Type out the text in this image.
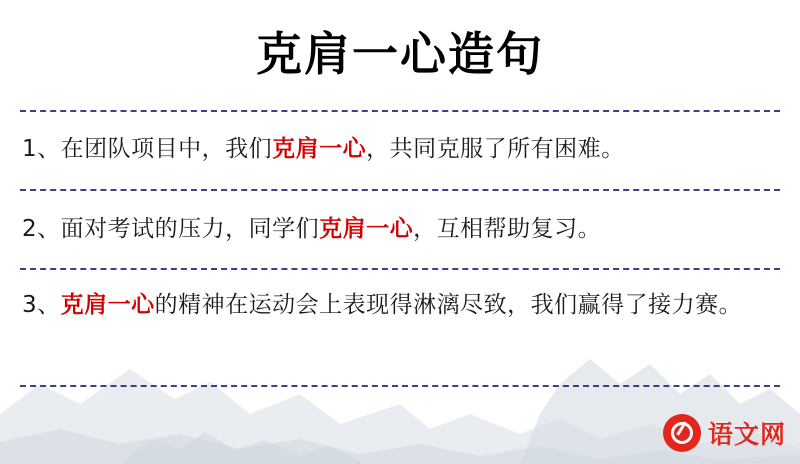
克肩一心造句
1、在团队项目中，我们克肩一心，共同克服了所有困难。
2、面对考试的压力，同学们克肩一心，互相帮助复习。
3、克肩一心的精神在运动会上表现得淋漓尽致，我们赢得了接力赛。
语文网
